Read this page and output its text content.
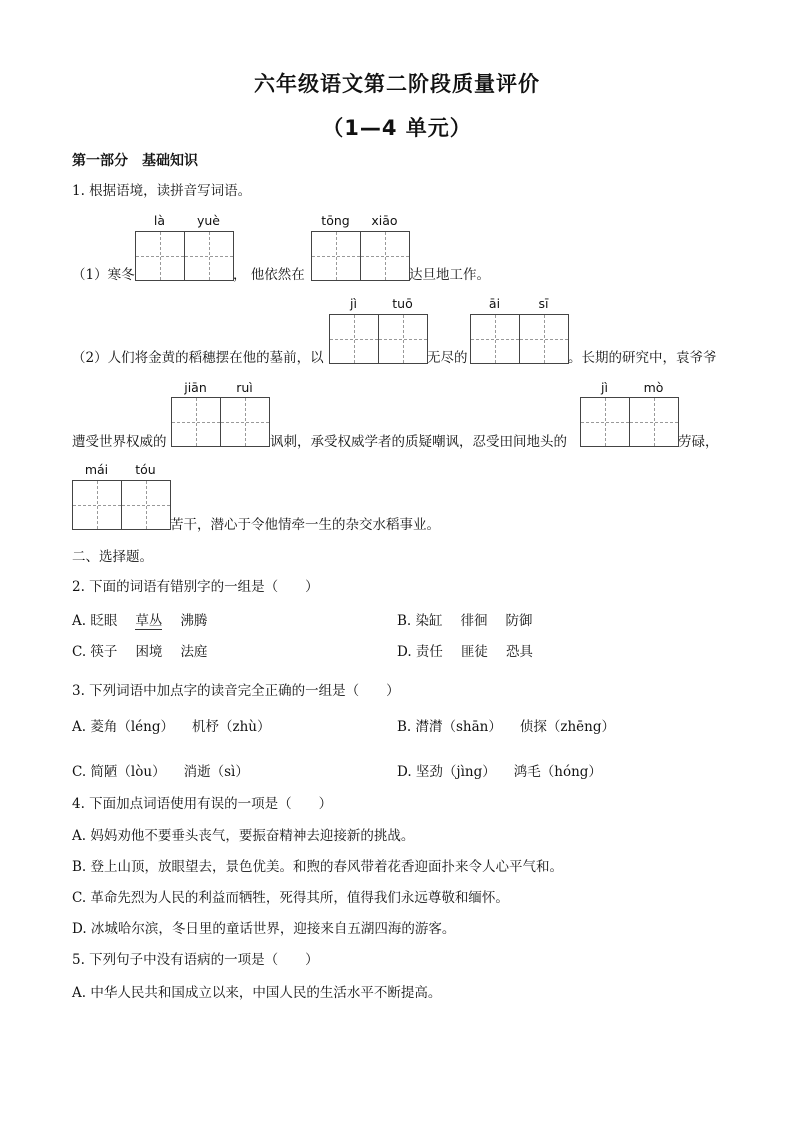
六年级语文第二阶段质量评价
（1—4 单元）
第一部分　基础知识
1. 根据语境，读拼音写词语。
là	yuè	tōng	xiāo
（1）寒冬	， 他依然在	达旦地工作。
jì	tuō	āi	sī
（2）人们将金黄的稻穗摆在他的墓前，以	无尽的	。长期的研究中，袁爷爷
jiān	ruì	jì	mò
遭受世界权威的	讽刺，承受权威学者的质疑嘲讽，忍受田间地头的	劳碌，
mái	tóu
苦干，潜心于令他情牵一生的杂交水稻事业。
二、选择题。
2. 下面的词语有错别字的一组是（　　）
A. 眨眼 草丛 沸腾	B. 染缸 徘徊 防御
C. 筷子 困境 法庭	D. 责任 匪徒 恐具
3. 下列词语中加点字的读音完全正确的一组是（　　）
A. 菱角（léng） 机杼（zhù）	B. 潸潸（shān） 侦探（zhēng）
C. 简陋（lòu） 消逝（sì）	D. 坚劲（jìng） 鸿毛（hóng）
4. 下面加点词语使用有误的一项是（　　）
A. 妈妈劝他不要垂头丧气，要振奋精神去迎接新的挑战。
B. 登上山顶，放眼望去，景色优美。和煦的春风带着花香迎面扑来令人心平气和。
C. 革命先烈为人民的利益而牺牲，死得其所，值得我们永远尊敬和缅怀。
D. 冰城哈尔滨，冬日里的童话世界，迎接来自五湖四海的游客。
5. 下列句子中没有语病的一项是（　　）
A. 中华人民共和国成立以来，中国人民的生活水平不断提高。
